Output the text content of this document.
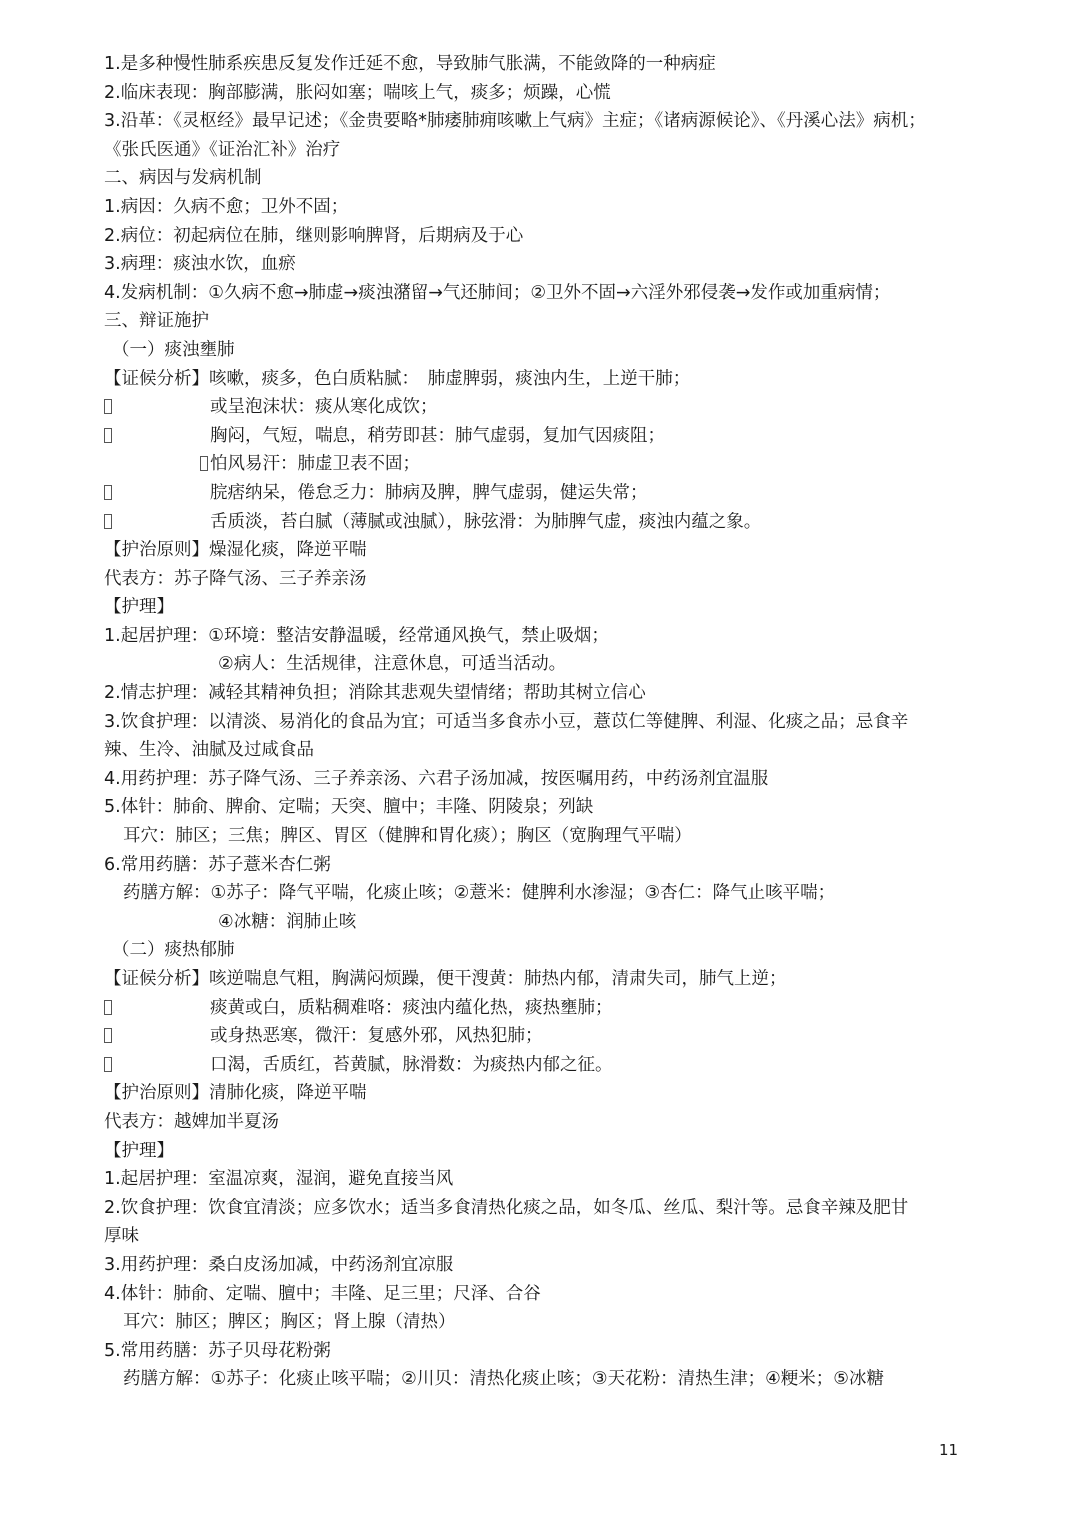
1.是多种慢性肺系疾患反复发作迁延不愈，导致肺气胀满，不能敛降的一种病症
2.临床表现：胸部膨满，胀闷如塞；喘咳上气，痰多；烦躁，心慌
3.沿革：《灵枢经》最早记述；《金贵要略*肺痿肺痈咳嗽上气病》主症；《诸病源候论》、《丹溪心法》病机；
《张氏医通》《证治汇补》治疗
二、病因与发病机制
1.病因：久病不愈；卫外不固；
2.病位：初起病位在肺，继则影响脾肾，后期病及于心
3.病理：痰浊水饮，血瘀
4.发病机制：①久病不愈→肺虚→痰浊潴留→气还肺间；②卫外不固→六淫外邪侵袭→发作或加重病情；
三、辩证施护
（一）痰浊壅肺
【证候分析】咳嗽，痰多，色白质粘腻：　肺虚脾弱，痰浊内生，上逆干肺；
或呈泡沫状：痰从寒化成饮；
胸闷，气短，喘息，稍劳即甚：肺气虚弱，复加气因痰阻；
怕风易汗：肺虚卫表不固；
脘痞纳呆，倦怠乏力：肺病及脾，脾气虚弱，健运失常；
舌质淡，苔白腻（薄腻或浊腻），脉弦滑：为肺脾气虚，痰浊内蕴之象。
【护治原则】燥湿化痰，降逆平喘
代表方：苏子降气汤、三子养亲汤
【护理】
1.起居护理：①环境：整洁安静温暖，经常通风换气，禁止吸烟；
②病人：生活规律，注意休息，可适当活动。
2.情志护理：减轻其精神负担；消除其悲观失望情绪；帮助其树立信心
3.饮食护理：以清淡、易消化的食品为宜；可适当多食赤小豆，薏苡仁等健脾、利湿、化痰之品；忌食辛
辣、生冷、油腻及过咸食品
4.用药护理：苏子降气汤、三子养亲汤、六君子汤加减，按医嘱用药，中药汤剂宜温服
5.体针：肺俞、脾俞、定喘；天突、膻中；丰隆、阴陵泉；列缺
耳穴：肺区；三焦；脾区、胃区（健脾和胃化痰）；胸区（宽胸理气平喘）
6.常用药膳：苏子薏米杏仁粥
药膳方解：①苏子：降气平喘，化痰止咳；②薏米：健脾利水渗湿；③杏仁：降气止咳平喘；
④冰糖：润肺止咳
（二）痰热郁肺
【证候分析】咳逆喘息气粗，胸满闷烦躁，便干溲黄：肺热内郁，清肃失司，肺气上逆；
痰黄或白，质粘稠难咯：痰浊内蕴化热，痰热壅肺；
或身热恶寒，微汗：复感外邪，风热犯肺；
口渴，舌质红，苔黄腻，脉滑数：为痰热内郁之征。
【护治原则】清肺化痰，降逆平喘
代表方：越婢加半夏汤
【护理】
1.起居护理：室温凉爽，湿润，避免直接当风
2.饮食护理：饮食宜清淡；应多饮水；适当多食清热化痰之品，如冬瓜、丝瓜、梨汁等。忌食辛辣及肥甘
厚味
3.用药护理：桑白皮汤加减，中药汤剂宜凉服
4.体针：肺俞、定喘、膻中；丰隆、足三里；尺泽、合谷
耳穴：肺区；脾区；胸区；肾上腺（清热）
5.常用药膳：苏子贝母花粉粥
药膳方解：①苏子：化痰止咳平喘；②川贝：清热化痰止咳；③天花粉：清热生津；④粳米；⑤冰糖
11
